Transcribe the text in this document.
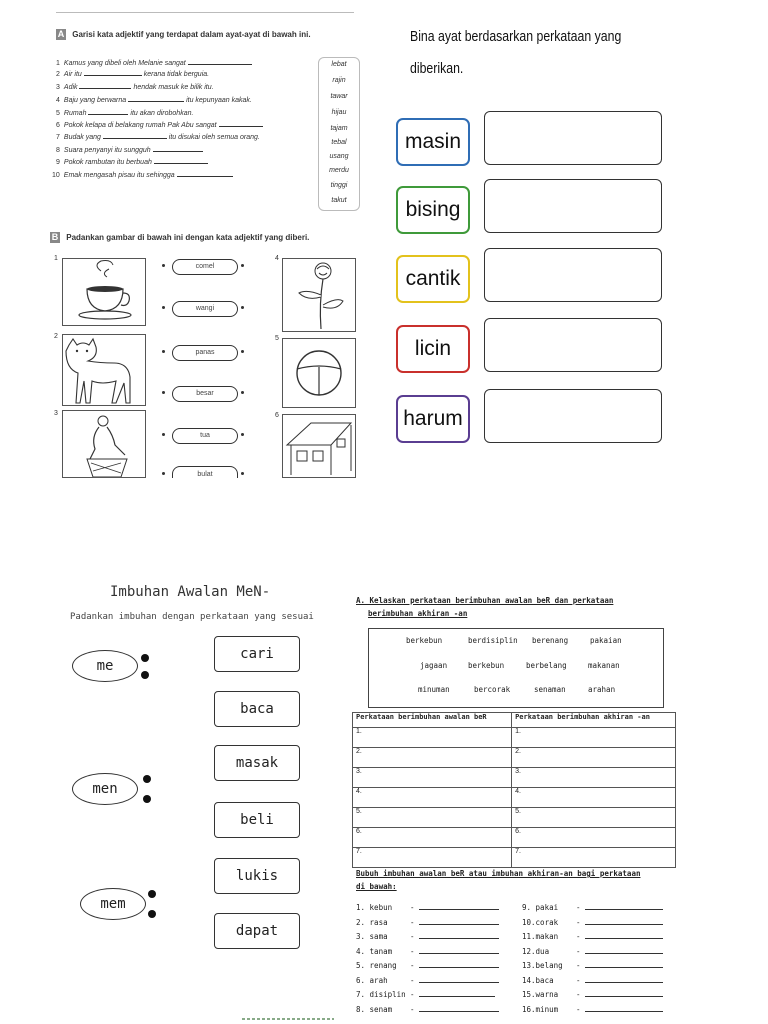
A Garisi kata adjektif yang terdapat dalam ayat-ayat di bawah ini.
1 Kamus yang dibeli oleh Melanie sangat
2 Air itu	kerana tidak berguia.
3 Adik	hendak masuk ke bilik itu.
4 Baju yang berwarna	itu kepunyaan kakak.
5 Rumah	itu akan dirobohkan.
6 Pokok kelapa di belakang rumah Pak Abu sangat
7 Budak yang	itu disukai oleh semua orang.
8 Suara penyanyi itu sungguh
9 Pokok rambutan itu berbuah
10 Emak mengasah pisau itu sehingga
lebat
rajin
tawar
hijau
tajam
tebal
usang
merdu
tinggi
takut
B Padankan gambar di bawah ini dengan kata adjektif yang diberi.
1
2
3
4
5
6
comel
wangi
panas
besar
tua
bulat
Bina ayat berdasarkan perkataan yang
diberikan.
masin
bising
cantik
licin
harum
Imbuhan Awalan MeN-
Padankan imbuhan dengan perkataan yang sesuai
me
men
mem
cari
baca
masak
beli
lukis
dapat
A. Kelaskan perkataan berimbuhan awalan beR dan perkataan
berimbuhan akhiran -an
berkebun	berdisiplin berenang	pakaian
jagaan	berkebun	berbelang	makanan
minuman	bercorak	senaman	arahan
Perkataan berimbuhan awalan beR	Perkataan berimbuhan akhiran -an
1.	1.
2.	2.
3.	3.
4.	4.
5.	5.
6.	6.
7.	7.
Bubuh imbuhan awalan beR atau imbuhan akhiran-an bagi perkataan
di bawah:
1. kebun -
2. rasa	-
3. sama	-
4. tanam -
5. renang -
6. arah	-
7. disiplin -
8. senam -
9. pakai -
10.corak -
11.makan -
12.dua	-
13.belang -
14.baca	-
15.warna -
16.minum -
